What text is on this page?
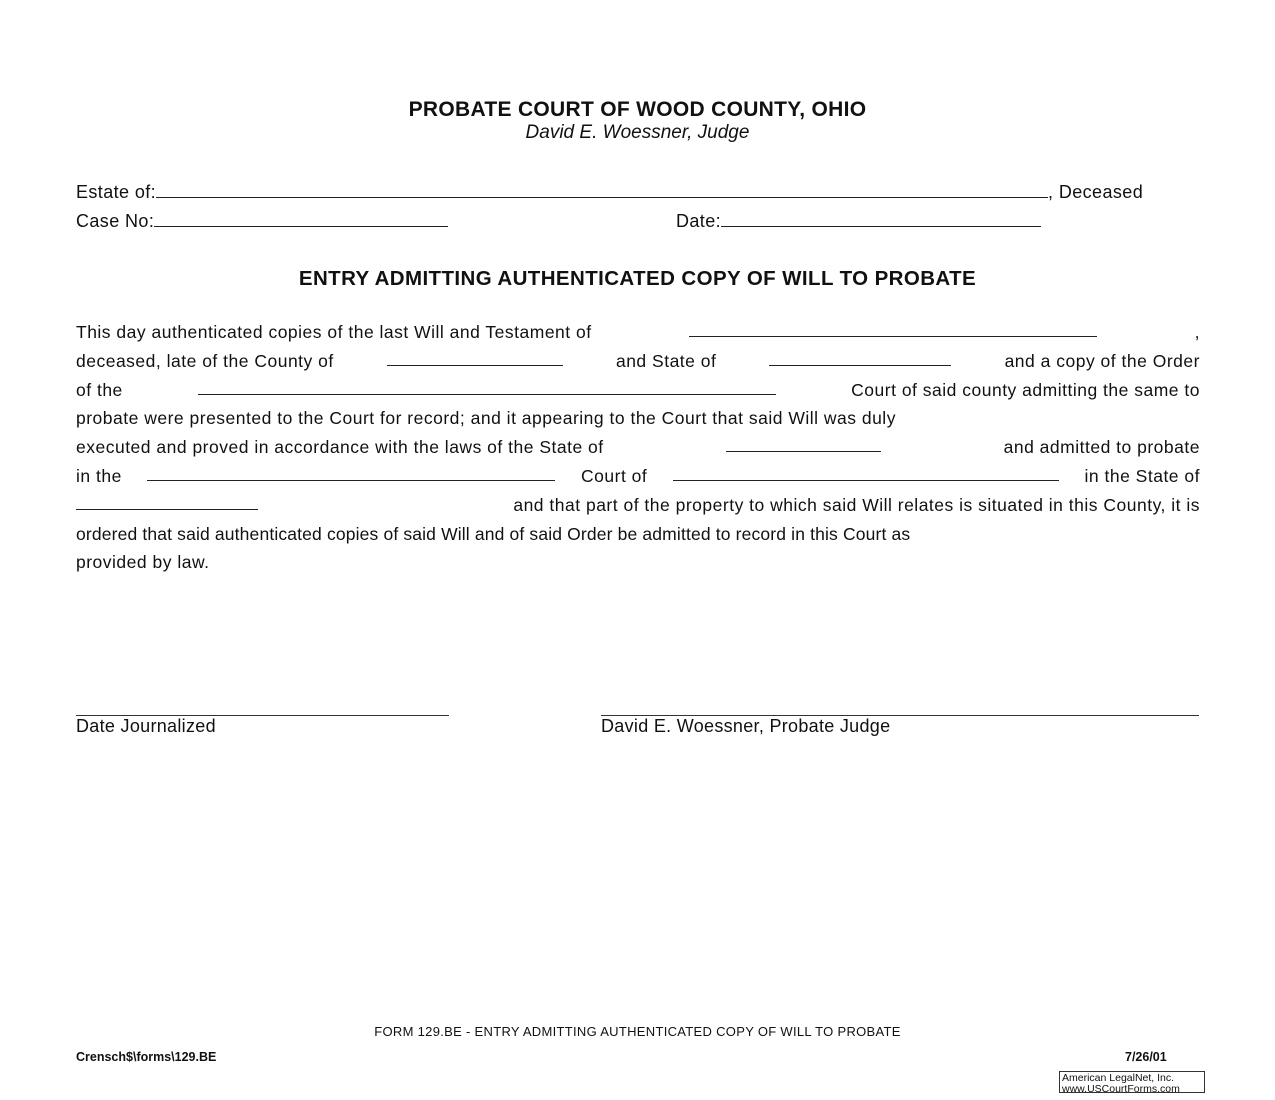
PROBATE COURT OF WOOD COUNTY, OHIO
David E. Woessner, Judge
Estate of:	, Deceased
Case No:	Date:
ENTRY ADMITTING AUTHENTICATED COPY OF WILL TO PROBATE
This day authenticated copies of the last Will and Testament of	,
deceased, late of the County of	and State of	and a copy of the Order
of the	Court of said county admitting the same to
probate were presented to the Court for record; and it appearing to the Court that said Will was duly
executed and proved in accordance with the laws of the State of	and admitted to probate
in the	Court of	in the State of
and that part of the property to which said Will relates is situated in this County, it is
ordered that said authenticated copies of said Will and of said Order be admitted to record in this Court as
provided by law.
Date Journalized	David E. Woessner, Probate Judge
FORM 129.BE - ENTRY ADMITTING AUTHENTICATED COPY OF WILL TO PROBATE
Crensch$\forms\129.BE	7/26/01
American LegalNet, Inc.
www.USCourtForms.com
